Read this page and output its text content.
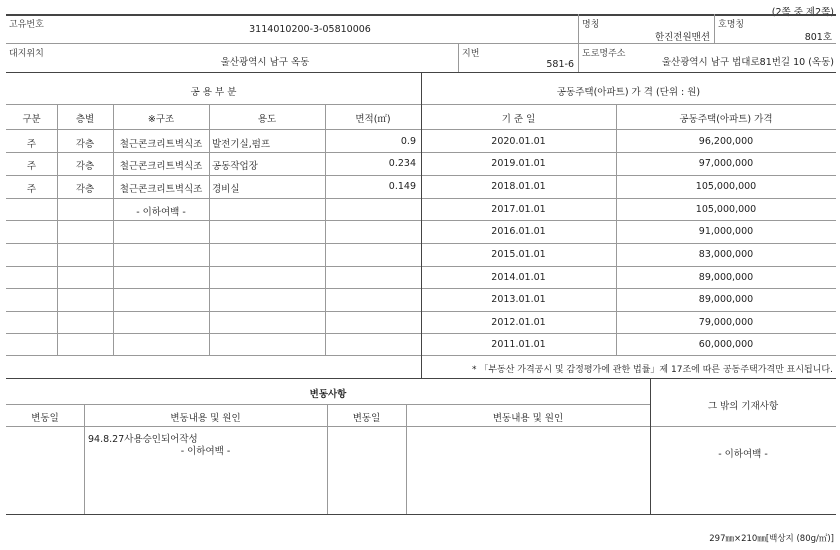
(2쪽 중 제2쪽)
고유번호	3114010200-3-05810006	명칭
한진전원맨션
호명칭
801호
대지위치
울산광역시 남구 옥동
지번
581-6
도로명주소
울산광역시 남구 법대로81번길 10 (옥동)
공 용 부 분	공동주택(아파트) 가 격 (단위 : 원)
구분	층별	※구조	용도	면적(㎡)	기 준 일	공동주택(아파트) 가격
주	각층	철근콘크리트벽식조	발전기실,펌프	0.9
주	각층	철근콘크리트벽식조	공동작업장	0.234
주	각층	철근콘크리트벽식조	경비실	0.149
- 이하여백 -
2020.01.01	96,200,000
2019.01.01	97,000,000
2018.01.01	105,000,000
2017.01.01	105,000,000
2016.01.01	91,000,000
2015.01.01	83,000,000
2014.01.01	89,000,000
2013.01.01	89,000,000
2012.01.01	79,000,000
2011.01.01	60,000,000
* 「부동산 가격공시 및 감정평가에 관한 법률」제 17조에 따른 공동주택가격만 표시됩니다.
변동사항
변동일	변동내용 및 원인	변동일	변동내용 및 원인
94.8.27사용승인되어작성
- 이하여백 -
그 밖의 기재사항
- 이하여백 -
297㎜×210㎜[백상지 (80g/㎡)]
